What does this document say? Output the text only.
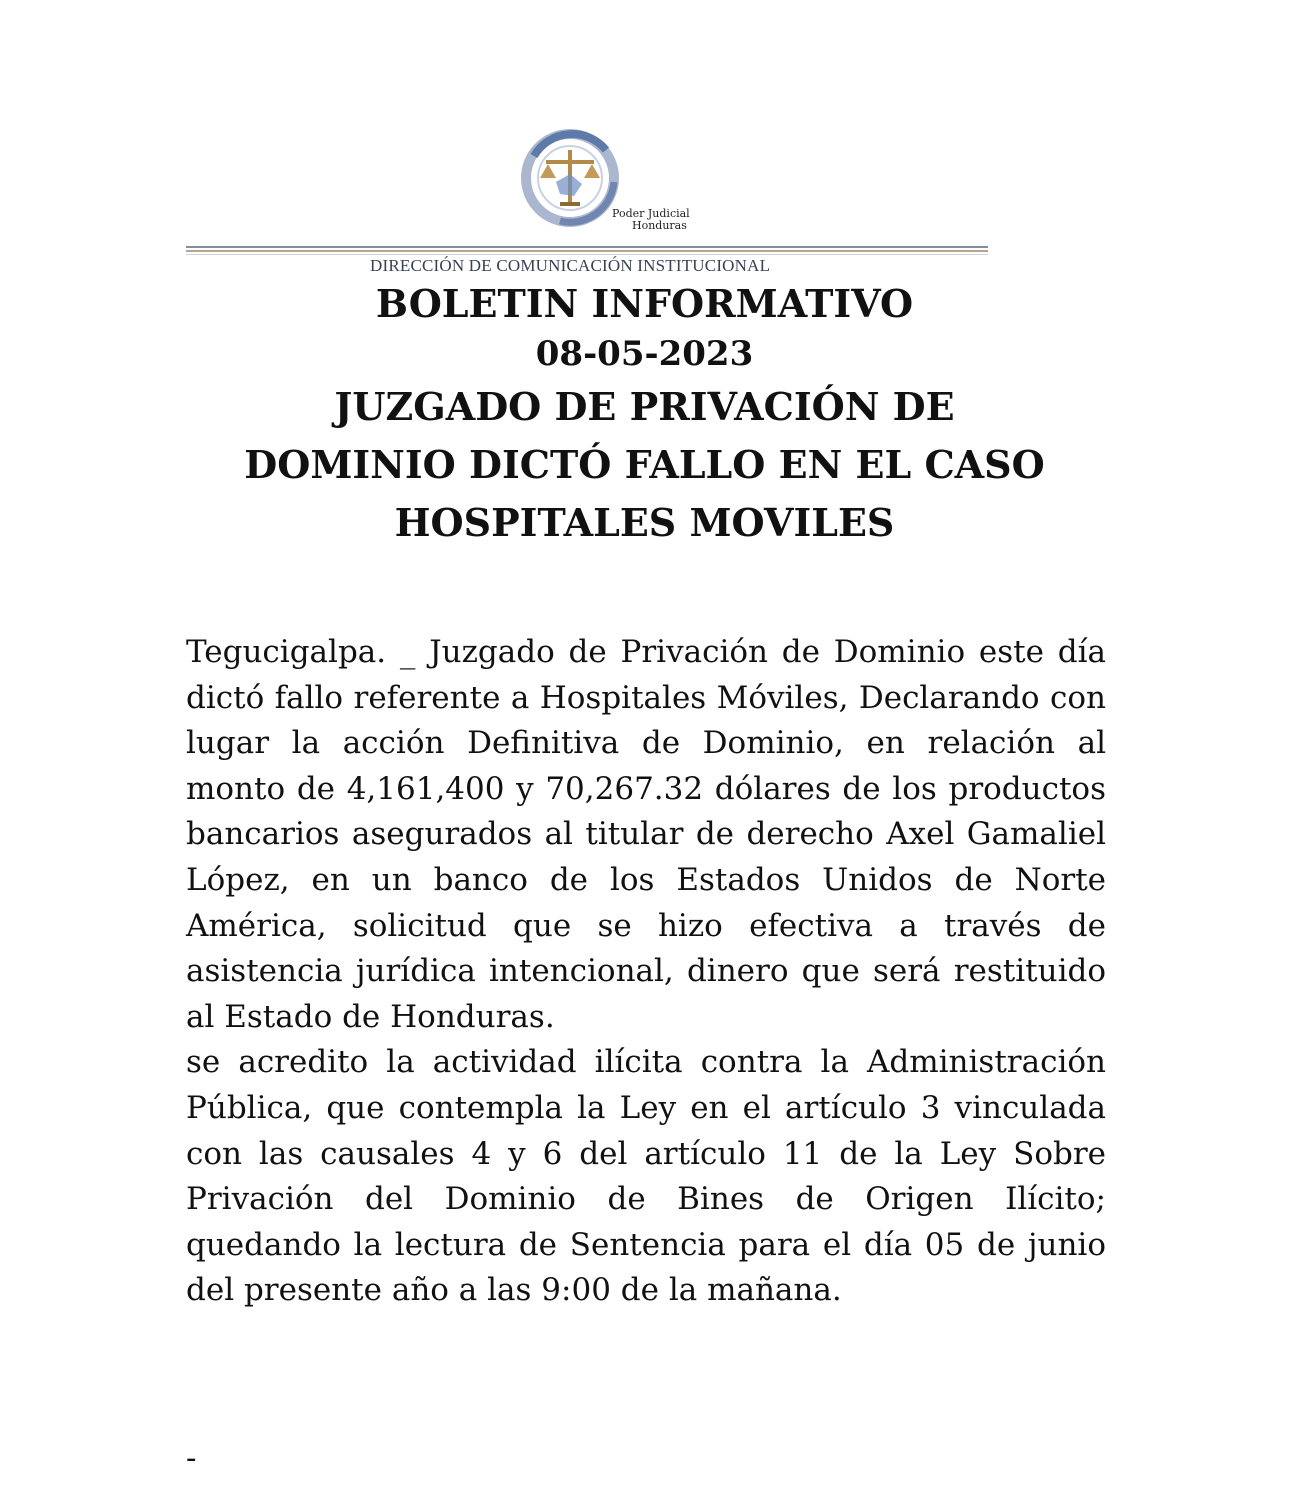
Poder Judicial
Honduras
DIRECCIÓN DE COMUNICACIÓN INSTITUCIONAL
BOLETIN INFORMATIVO
08-05-2023
JUZGADO DE PRIVACIÓN DE
DOMINIO DICTÓ FALLO EN EL CASO
HOSPITALES MOVILES

Tegucigalpa. _ Juzgado de Privación de Dominio este día dictó fallo referente a Hospitales Móviles, Declarando con lugar la acción Definitiva de Dominio, en relación al monto de 4,161,400 y 70,267.32 dólares de los productos bancarios asegurados al titular de derecho Axel Gamaliel López, en un banco de los Estados Unidos de Norte América, solicitud que se hizo efectiva a través de asistencia jurídica intencional, dinero que será restituido al Estado de Honduras.

se acredito la actividad ilícita contra la Administración Pública, que contempla la Ley en el artículo 3 vinculada con las causales 4 y 6 del artículo 11 de la Ley Sobre Privación del Dominio de Bines de Origen Ilícito; quedando la lectura de Sentencia para el día 05 de junio del presente año a las 9:00 de la mañana.

-
